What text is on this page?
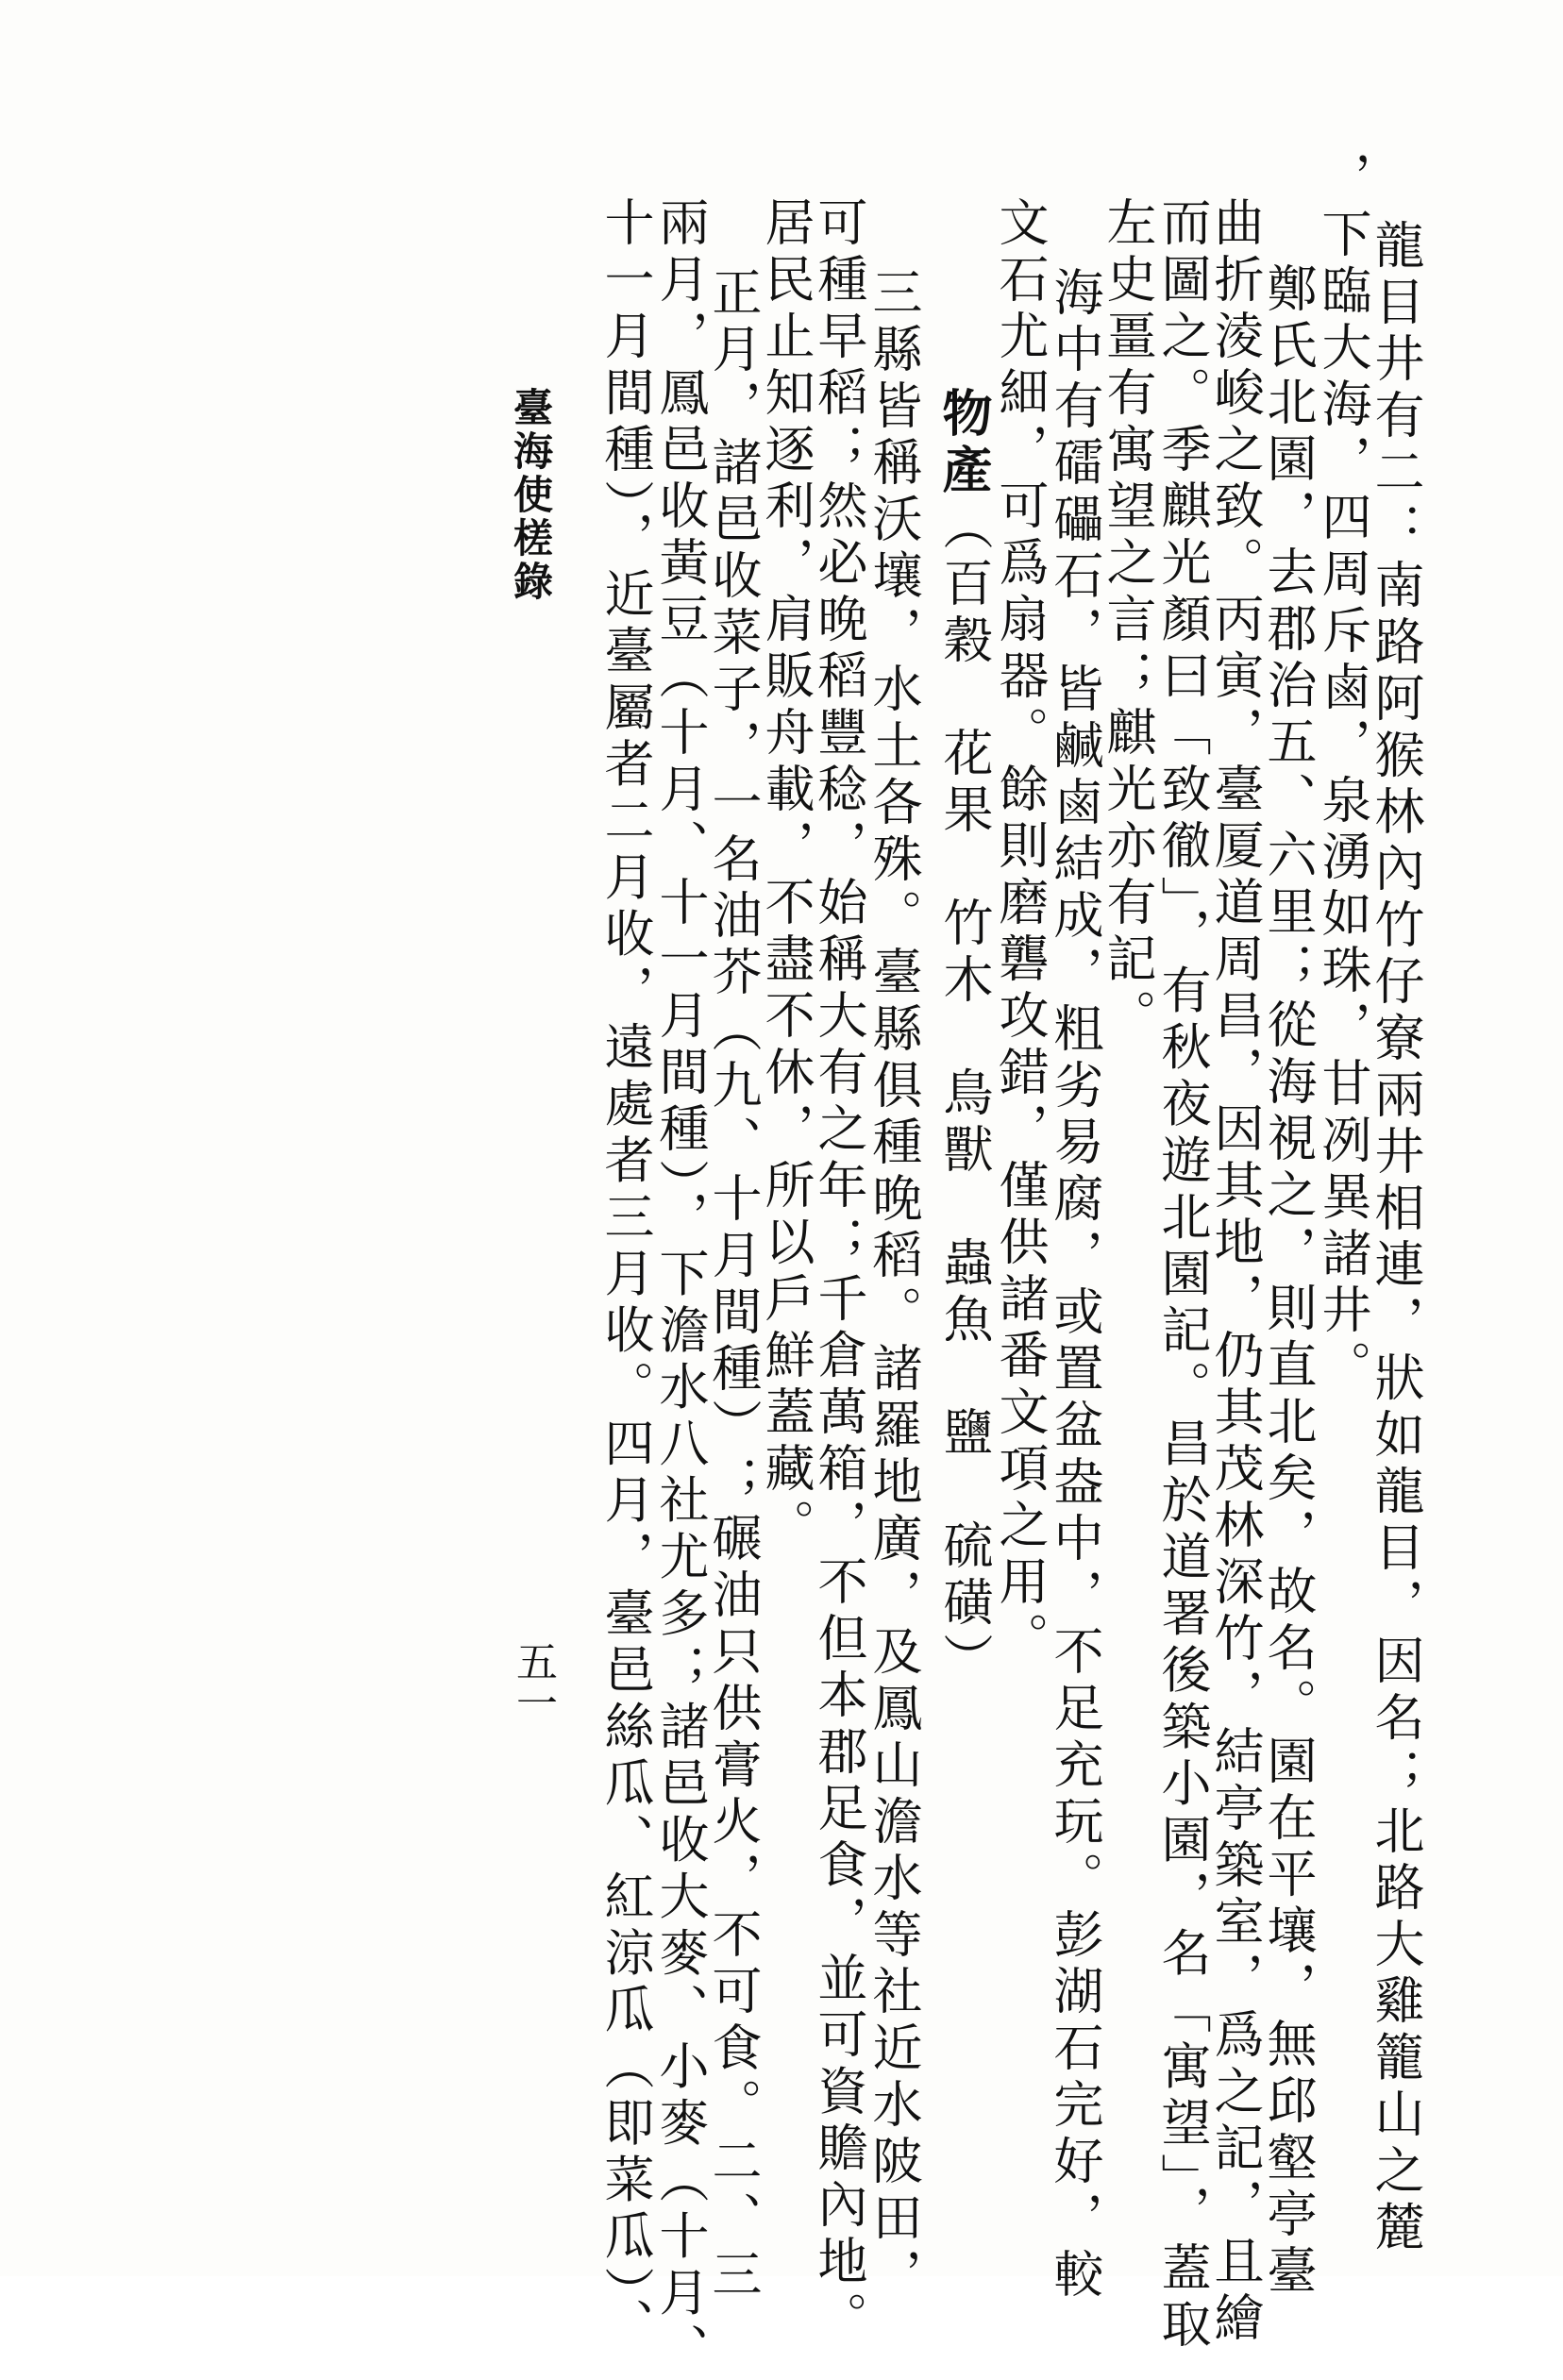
龍目井有二：南路阿猴林內竹仔寮兩井相連，狀如龍目，因名；北路大雞籠山之麓
，下臨大海，四周斥鹵，泉湧如珠，甘冽異諸井。
鄭氏北園，去郡治五、六里；從海視之，則直北矣，故名。園在平壤，無邱壑亭臺
曲折淩峻之致。丙寅，臺厦道周昌，因其地，仍其茂林深竹，結亭築室，爲之記，且繪
而圖之。季麒光顏曰「致徹」，有秋夜遊北園記。昌於道署後築小園，名「寓望」，蓋取
左史畺有寓望之言；麒光亦有記。
海中有礌礧石，皆鹹鹵結成，粗劣易腐，或置盆盎中，不足充玩。彭湖石完好，較
文石尤細，可爲扇器。餘則磨礱攻錯，僅供諸番文項之用。
物產（百穀　花果　竹木　鳥獸　蟲魚　鹽　硫磺）
三縣皆稱沃壤，水土各殊。臺縣俱種晚稻。諸羅地廣，及鳳山澹水等社近水陂田，
可種早稻；然必晚稻豐稔，始稱大有之年；千倉萬箱，不但本郡足食，並可資贍內地。
居民止知逐利，肩販舟載，不盡不休，所以戶鮮蓋藏。
正月，諸邑收菜子，一名油芥（九、十月間種）；碾油只供膏火，不可食。二、三
兩月，鳳邑收黃豆（十月、十一月間種），下澹水八社尤多；諸邑收大麥、小麥（十月、
十一月間種），近臺屬者二月收，遠處者三月收。四月，臺邑絲瓜、紅涼瓜（即菜瓜）、
臺海使槎錄
五一
